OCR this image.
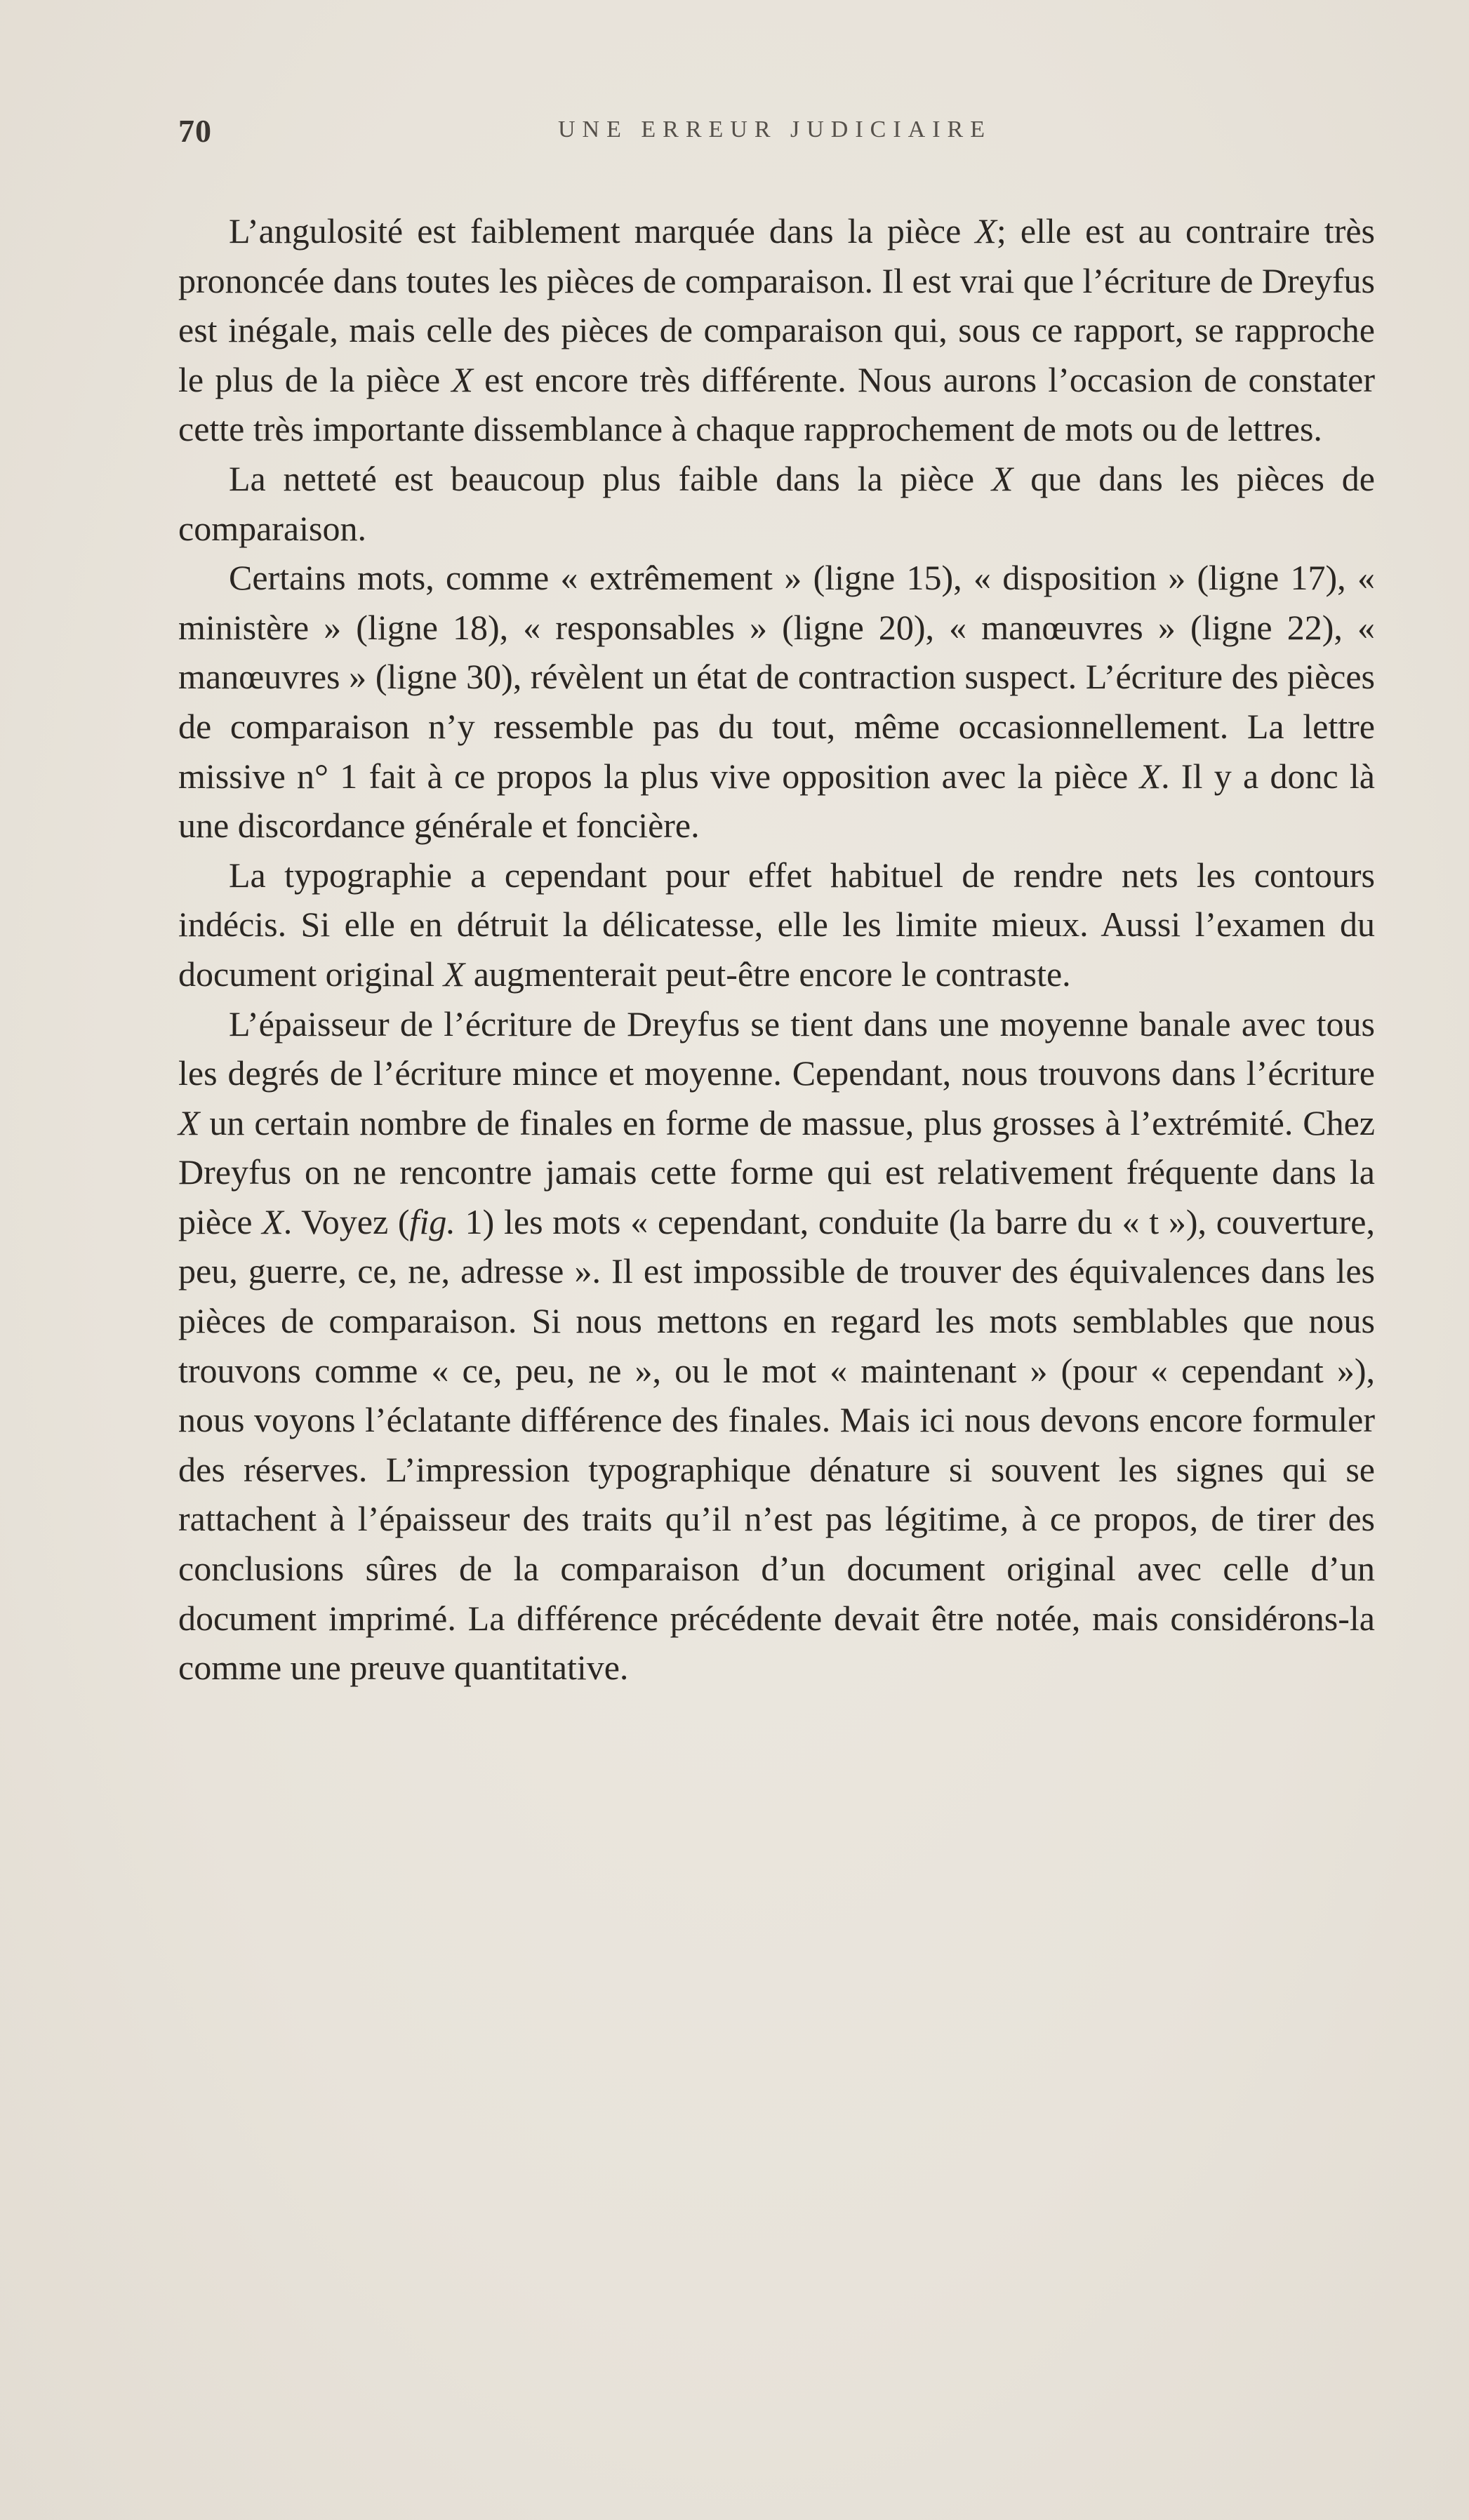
70	UNE ERREUR JUDICIAIRE

L’angulosité est faiblement marquée dans la pièce X; elle est au contraire très prononcée dans toutes les pièces de comparaison. Il est vrai que l’écriture de Dreyfus est inégale, mais celle des pièces de comparaison qui, sous ce rapport, se rapproche le plus de la pièce X est encore très différente. Nous aurons l’occasion de constater cette très importante dissemblance à chaque rapprochement de mots ou de lettres.

La netteté est beaucoup plus faible dans la pièce X que dans les pièces de comparaison.

Certains mots, comme « extrêmement » (ligne 15), « disposition » (ligne 17), « ministère » (ligne 18), « responsables » (ligne 20), « manœuvres » (ligne 22), « manœuvres » (ligne 30), révèlent un état de contraction suspect. L’écriture des pièces de comparaison n’y ressemble pas du tout, même occasionnellement. La lettre missive n° 1 fait à ce propos la plus vive opposition avec la pièce X. Il y a donc là une discordance générale et foncière.

La typographie a cependant pour effet habituel de rendre nets les contours indécis. Si elle en détruit la délicatesse, elle les limite mieux. Aussi l’examen du document original X augmenterait peut-être encore le contraste.

L’épaisseur de l’écriture de Dreyfus se tient dans une moyenne banale avec tous les degrés de l’écriture mince et moyenne. Cependant, nous trouvons dans l’écriture X un certain nombre de finales en forme de massue, plus grosses à l’extrémité. Chez Dreyfus on ne rencontre jamais cette forme qui est relativement fréquente dans la pièce X. Voyez (fig. 1) les mots « cependant, conduite (la barre du « t »), couverture, peu, guerre, ce, ne, adresse ». Il est impossible de trouver des équivalences dans les pièces de comparaison. Si nous mettons en regard les mots semblables que nous trouvons comme « ce, peu, ne », ou le mot « maintenant » (pour « cependant »), nous voyons l’éclatante différence des finales. Mais ici nous devons encore formuler des réserves. L’impression typographique dénature si souvent les signes qui se rattachent à l’épaisseur des traits qu’il n’est pas légitime, à ce propos, de tirer des conclusions sûres de la comparaison d’un document original avec celle d’un document imprimé. La différence précédente devait être notée, mais considérons-la comme une preuve quantitative.
